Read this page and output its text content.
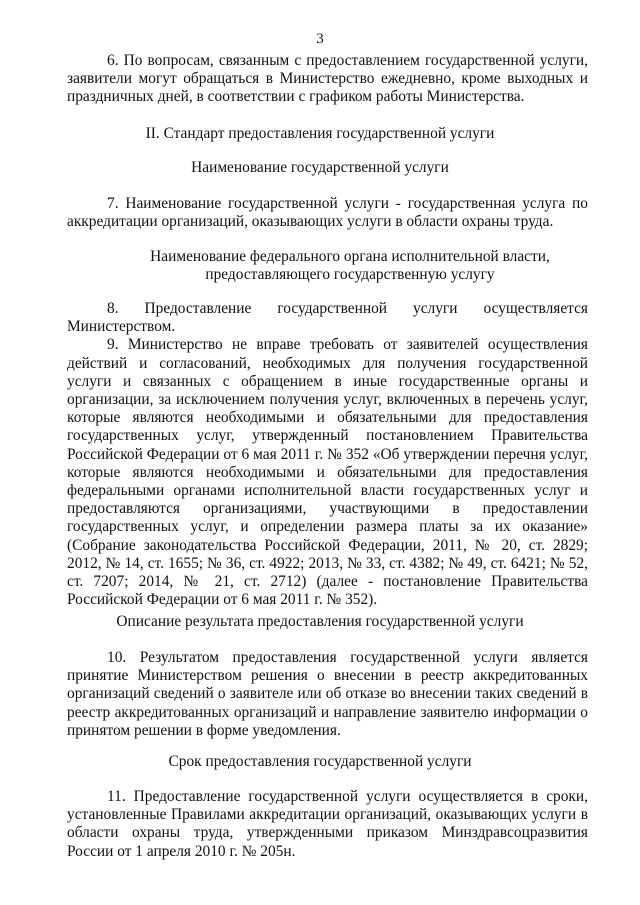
3

6. По вопросам, связанным с предоставлением государственной услуги, заявители могут обращаться в Министерство ежедневно, кроме выходных и праздничных дней, в соответствии с графиком работы Министерства.

II. Стандарт предоставления государственной услуги

Наименование государственной услуги

7. Наименование государственной услуги - государственная услуга по аккредитации организаций, оказывающих услуги в области охраны труда.

Наименование федерального органа исполнительной власти,

предоставляющего государственную услугу

8. Предоставление государственной услуги осуществляется Министерством.

9. Министерство не вправе требовать от заявителей осуществления действий и согласований, необходимых для получения государственной услуги и связанных с обращением в иные государственные органы и организации, за исключением получения услуг, включенных в перечень услуг, которые являются необходимыми и обязательными для предоставления государственных услуг, утвержденный постановлением Правительства Российской Федерации от 6 мая 2011 г. № 352 «Об утверждении перечня услуг, которые являются необходимыми и обязательными для предоставления федеральными органами исполнительной власти государственных услуг и предоставляются организациями, участвующими в предоставлении государственных услуг, и определении размера платы за их оказание» (Собрание законодательства Российской Федерации, 2011, № 20, ст. 2829; 2012, № 14, ст. 1655; № 36, ст. 4922; 2013, № 33, ст. 4382; № 49, ст. 6421; № 52, ст. 7207; 2014, № 21, ст. 2712) (далее - постановление Правительства Российской Федерации от 6 мая 2011 г. № 352).

Описание результата предоставления государственной услуги

10. Результатом предоставления государственной услуги является принятие Министерством решения о внесении в реестр аккредитованных организаций сведений о заявителе или об отказе во внесении таких сведений в реестр аккредитованных организаций и направление заявителю информации о принятом решении в форме уведомления.

Срок предоставления государственной услуги

11. Предоставление государственной услуги осуществляется в сроки, установленные Правилами аккредитации организаций, оказывающих услуги в области охраны труда, утвержденными приказом Минздравсоцразвития России от 1 апреля 2010 г. № 205н.
